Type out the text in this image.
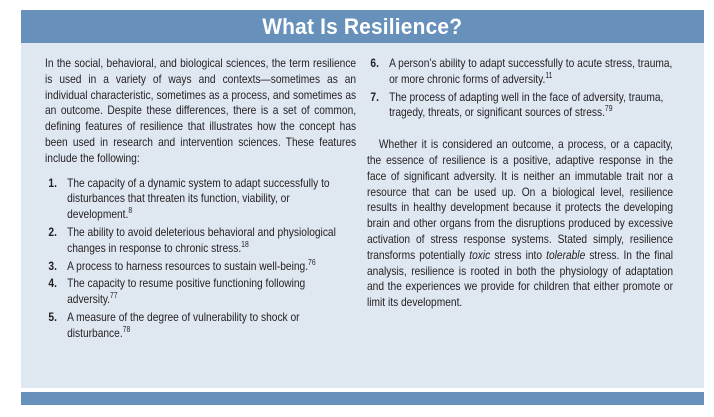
What Is Resilience?

In the social, behavioral, and biological sciences, the term resilience is used in a variety of ways and contexts—sometimes as an individual characteristic, sometimes as a process, and sometimes as an outcome. Despite these differences, there is a set of common, defining features of resilience that illustrates how the concept has been used in research and intervention sciences. These features include the following:

1. The capacity of a dynamic system to adapt successfully to disturbances that threaten its function, viability, or development.$^8$
2. The ability to avoid deleterious behavioral and physiological changes in response to chronic stress.$^{18}$
3. A process to harness resources to sustain well-being.$^{76}$
4. The capacity to resume positive functioning following adversity.$^{77}$
5. A measure of the degree of vulnerability to shock or disturbance.$^{78}$
6. A person’s ability to adapt successfully to acute stress, trauma, or more chronic forms of adversity.$^{11}$
7. The process of adapting well in the face of adversity, trauma, tragedy, threats, or significant sources of stress.$^{79}$

Whether it is considered an outcome, a process, or a capacity, the essence of resilience is a positive, adaptive response in the face of significant adversity. It is neither an immutable trait nor a resource that can be used up. On a biological level, resilience results in healthy development because it protects the developing brain and other organs from the disruptions produced by excessive activation of stress response systems. Stated simply, resilience transforms potentially toxic stress into tolerable stress. In the final analysis, resilience is rooted in both the physiology of adaptation and the experiences we provide for children that either promote or limit its development.
